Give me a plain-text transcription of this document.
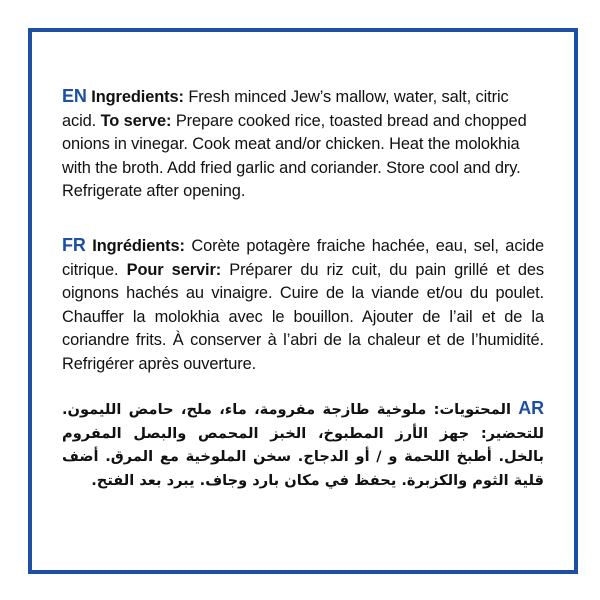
EN Ingredients: Fresh minced Jew’s mallow, water, salt, citric acid. To serve: Prepare cooked rice, toasted bread and chopped onions in vinegar. Cook meat and/or chicken. Heat the molokhia with the broth. Add fried garlic and coriander. Store cool and dry. Refrigerate after opening.
FR Ingrédients: Corète potagère fraiche hachée, eau, sel, acide citrique. Pour servir: Préparer du riz cuit, du pain grillé et des oignons hachés au vinaigre. Cuire de la viande et/ou du poulet. Chauffer la molokhia avec le bouillon. Ajouter de l’ail et de la coriandre frits. À conserver à l’abri de la chaleur et de l’humidité. Refrigérer après ouverture.
AR المحتويات: ملوخية طازجة مفرومة، ماء، ملح، حامض الليمون. للتحضير: جهز الأرز المطبوخ، الخبز المحمص والبصل المفروم بالخل. أطبخ اللحمة و / أو الدجاج. سخن الملوخية مع المرق. أضف قلية الثوم والكزبرة. يحفظ في مكان بارد وجاف. يبرد بعد الفتح.
